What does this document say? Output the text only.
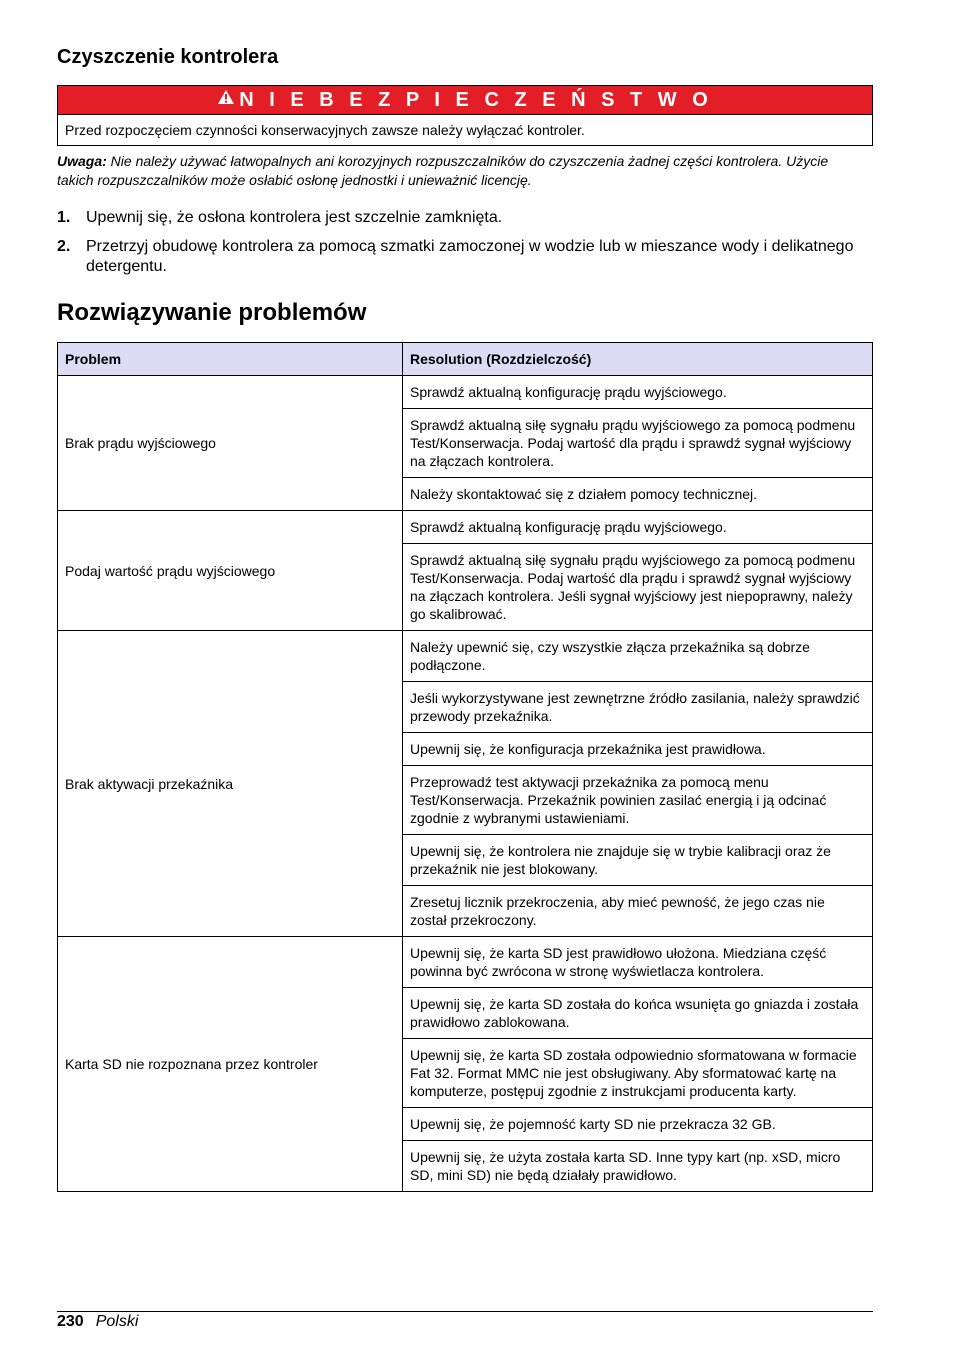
Czyszczenie kontrolera
N I E B E Z P I E C Z E Ń S T W O
Przed rozpoczęciem czynności konserwacyjnych zawsze należy wyłączać kontroler.
Uwaga: Nie należy używać łatwopalnych ani korozyjnych rozpuszczalników do czyszczenia żadnej części kontrolera. Użycie takich rozpuszczalników może osłabić osłonę jednostki i unieważnić licencję.
1. Upewnij się, że osłona kontrolera jest szczelnie zamknięta.
2. Przetrzyj obudowę kontrolera za pomocą szmatki zamoczonej w wodzie lub w mieszance wody i delikatnego detergentu.
Rozwiązywanie problemów
Problem	Resolution (Rozdzielczość)
Brak prądu wyjściowego	Sprawdź aktualną konfigurację prądu wyjściowego.
	Sprawdź aktualną siłę sygnału prądu wyjściowego za pomocą podmenu Test/Konserwacja. Podaj wartość dla prądu i sprawdź sygnał wyjściowy na złączach kontrolera.
	Należy skontaktować się z działem pomocy technicznej.
Podaj wartość prądu wyjściowego	Sprawdź aktualną konfigurację prądu wyjściowego.
	Sprawdź aktualną siłę sygnału prądu wyjściowego za pomocą podmenu Test/Konserwacja. Podaj wartość dla prądu i sprawdź sygnał wyjściowy na złączach kontrolera. Jeśli sygnał wyjściowy jest niepoprawny, należy go skalibrować.
Brak aktywacji przekaźnika	Należy upewnić się, czy wszystkie złącza przekaźnika są dobrze podłączone.
	Jeśli wykorzystywane jest zewnętrzne źródło zasilania, należy sprawdzić przewody przekaźnika.
	Upewnij się, że konfiguracja przekaźnika jest prawidłowa.
	Przeprowadź test aktywacji przekaźnika za pomocą menu Test/Konserwacja. Przekaźnik powinien zasilać energią i ją odcinać zgodnie z wybranymi ustawieniami.
	Upewnij się, że kontrolera nie znajduje się w trybie kalibracji oraz że przekaźnik nie jest blokowany.
	Zresetuj licznik przekroczenia, aby mieć pewność, że jego czas nie został przekroczony.
Karta SD nie rozpoznana przez kontroler	Upewnij się, że karta SD jest prawidłowo ułożona. Miedziana część powinna być zwrócona w stronę wyświetlacza kontrolera.
	Upewnij się, że karta SD została do końca wsunięta go gniazda i została prawidłowo zablokowana.
	Upewnij się, że karta SD została odpowiednio sformatowana w formacie Fat 32. Format MMC nie jest obsługiwany. Aby sformatować kartę na komputerze, postępuj zgodnie z instrukcjami producenta karty.
	Upewnij się, że pojemność karty SD nie przekracza 32 GB.
	Upewnij się, że użyta została karta SD. Inne typy kart (np. xSD, micro SD, mini SD) nie będą działały prawidłowo.
230 Polski
